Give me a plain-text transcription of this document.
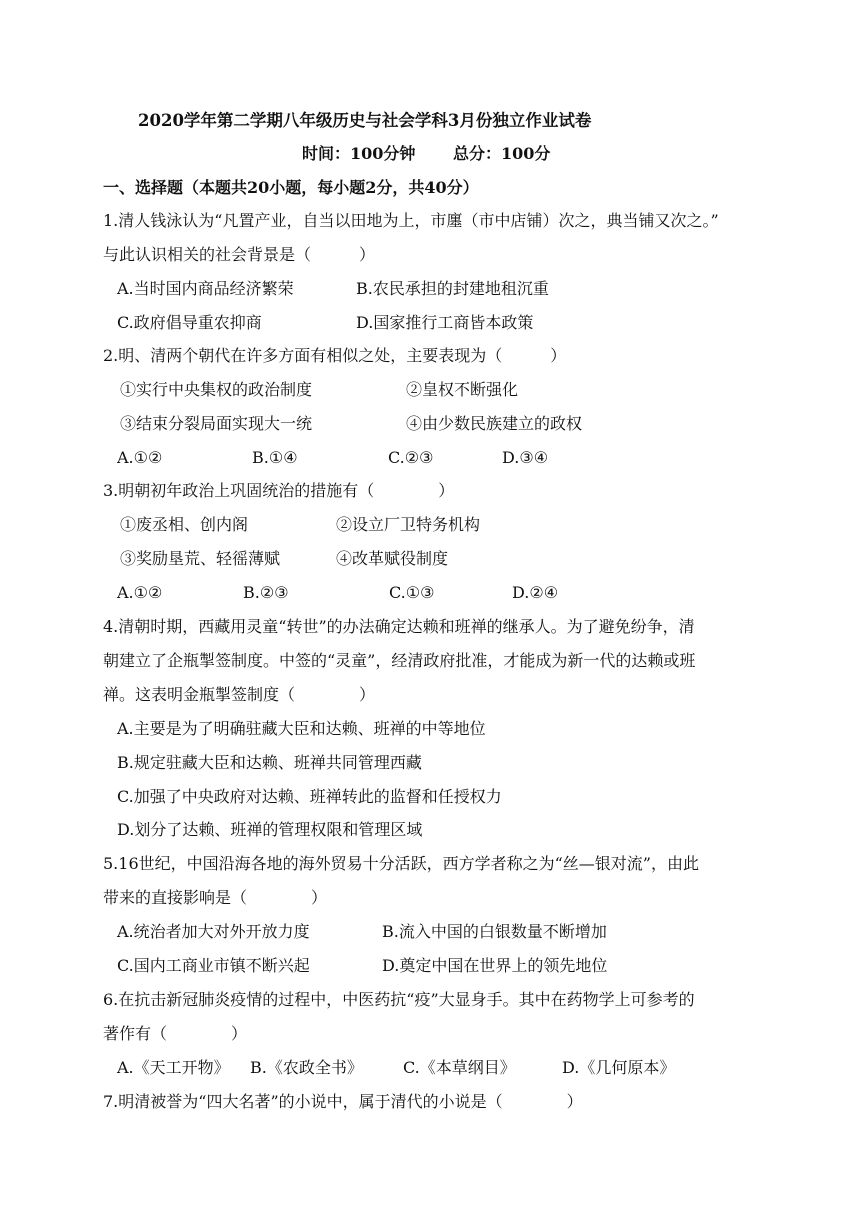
2020学年第二学期八年级历史与社会学科3月份独立作业试卷
时间：100分钟　　 总分：100分
一、选择题（本题共20小题，每小题2分，共40分）
1.清人钱泳认为“凡置产业，自当以田地为上，市廛（市中店铺）次之，典当铺又次之。”
与此认识相关的社会背景是（　　　）
A.当时国内商品经济繁荣	B.农民承担的封建地租沉重
C.政府倡导重农抑商	D.国家推行工商皆本政策
2.明、清两个朝代在许多方面有相似之处，主要表现为（　　　）
①实行中央集权的政治制度	②皇权不断强化
③结束分裂局面实现大一统	④由少数民族建立的政权
A.①②	B.①④	C.②③	D.③④
3.明朝初年政治上巩固统治的措施有（　　　　）
①废丞相、创内阁	②设立厂卫特务机构
③奖励垦荒、轻徭薄赋	④改革赋役制度
A.①②	B.②③	C.①③	D.②④
4.清朝时期，西藏用灵童“转世”的办法确定达赖和班禅的继承人。为了避免纷争，清
朝建立了企瓶掣签制度。中签的“灵童”，经清政府批准，才能成为新一代的达赖或班
禅。这表明金瓶掣签制度（　　　　）
A.主要是为了明确驻藏大臣和达赖、班禅的中等地位
B.规定驻藏大臣和达赖、班禅共同管理西藏
C.加强了中央政府对达赖、班禅转此的监督和任授权力
D.划分了达赖、班禅的管理权限和管理区域
5.16世纪，中国沿海各地的海外贸易十分活跃，西方学者称之为“丝—银对流”，由此
带来的直接影响是（　　　　）
A.统治者加大对外开放力度	B.流入中国的白银数量不断增加
C.国内工商业市镇不断兴起	D.奠定中国在世界上的领先地位
6.在抗击新冠肺炎疫情的过程中，中医药抗“疫”大显身手。其中在药物学上可参考的
著作有（　　　　）
A.《天工开物》 B.《农政全书》	C.《本草纲目》	D.《几何原本》
7.明清被誉为“四大名著”的小说中，属于清代的小说是（　　　　）
